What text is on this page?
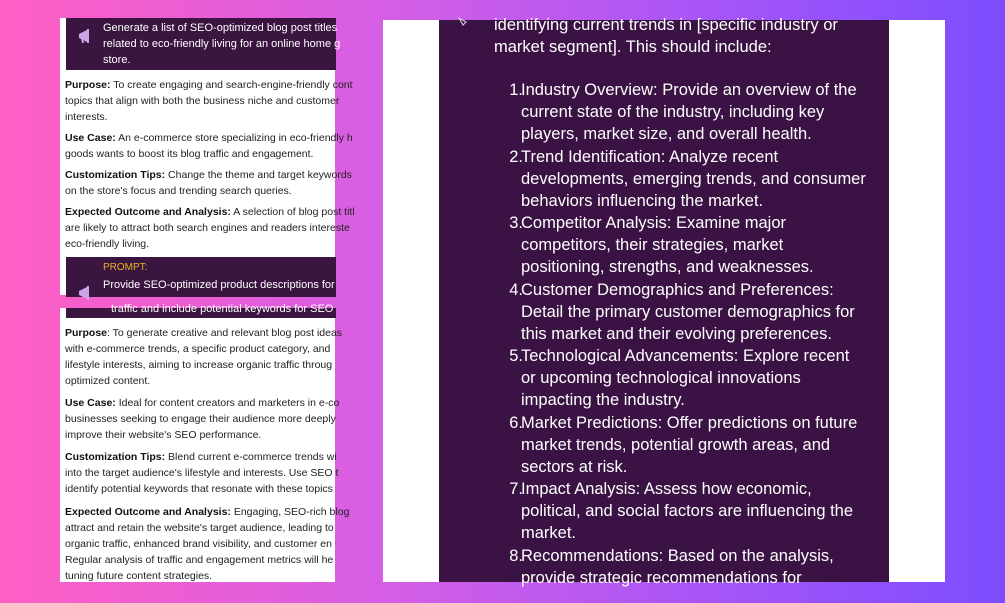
Generate a list of SEO-optimized blog post titles
related to eco-friendly living for an online home g
store.
Purpose: To create engaging and search-engine-friendly cont
topics that align with both the business niche and customer
interests.
Use Case: An e-commerce store specializing in eco-friendly h
goods wants to boost its blog traffic and engagement.
Customization Tips: Change the theme and target keywords
on the store's focus and trending search queries.
Expected Outcome and Analysis: A selection of blog post titl
are likely to attract both search engines and readers intereste
eco-friendly living.
PROMPT:
Provide SEO-optimized product descriptions for
traffic and include potential keywords for SEO
Purpose: To generate creative and relevant blog post ideas
with e-commerce trends, a specific product category, and
lifestyle interests, aiming to increase organic traffic throug
optimized content.
Use Case: Ideal for content creators and marketers in e-co
businesses seeking to engage their audience more deeply
improve their website's SEO performance.
Customization Tips: Blend current e-commerce trends wi
into the target audience's lifestyle and interests. Use SEO t
identify potential keywords that resonate with these topics
Expected Outcome and Analysis: Engaging, SEO-rich blog
attract and retain the website's target audience, leading to
organic traffic, enhanced brand visibility, and customer en
Regular analysis of traffic and engagement metrics will he
tuning future content strategies.
identifying current trends in [specific industry or
market segment]. This should include:
1.
Industry Overview: Provide an overview of the
current state of the industry, including key
players, market size, and overall health.
2.
Trend Identification: Analyze recent
developments, emerging trends, and consumer
behaviors influencing the market.
3.
Competitor Analysis: Examine major
competitors, their strategies, market
positioning, strengths, and weaknesses.
4.
Customer Demographics and Preferences:
Detail the primary customer demographics for
this market and their evolving preferences.
5.
Technological Advancements: Explore recent
or upcoming technological innovations
impacting the industry.
6.
Market Predictions: Offer predictions on future
market trends, potential growth areas, and
sectors at risk.
7.
Impact Analysis: Assess how economic,
political, and social factors are influencing the
market.
8.
Recommendations: Based on the analysis,
provide strategic recommendations for
